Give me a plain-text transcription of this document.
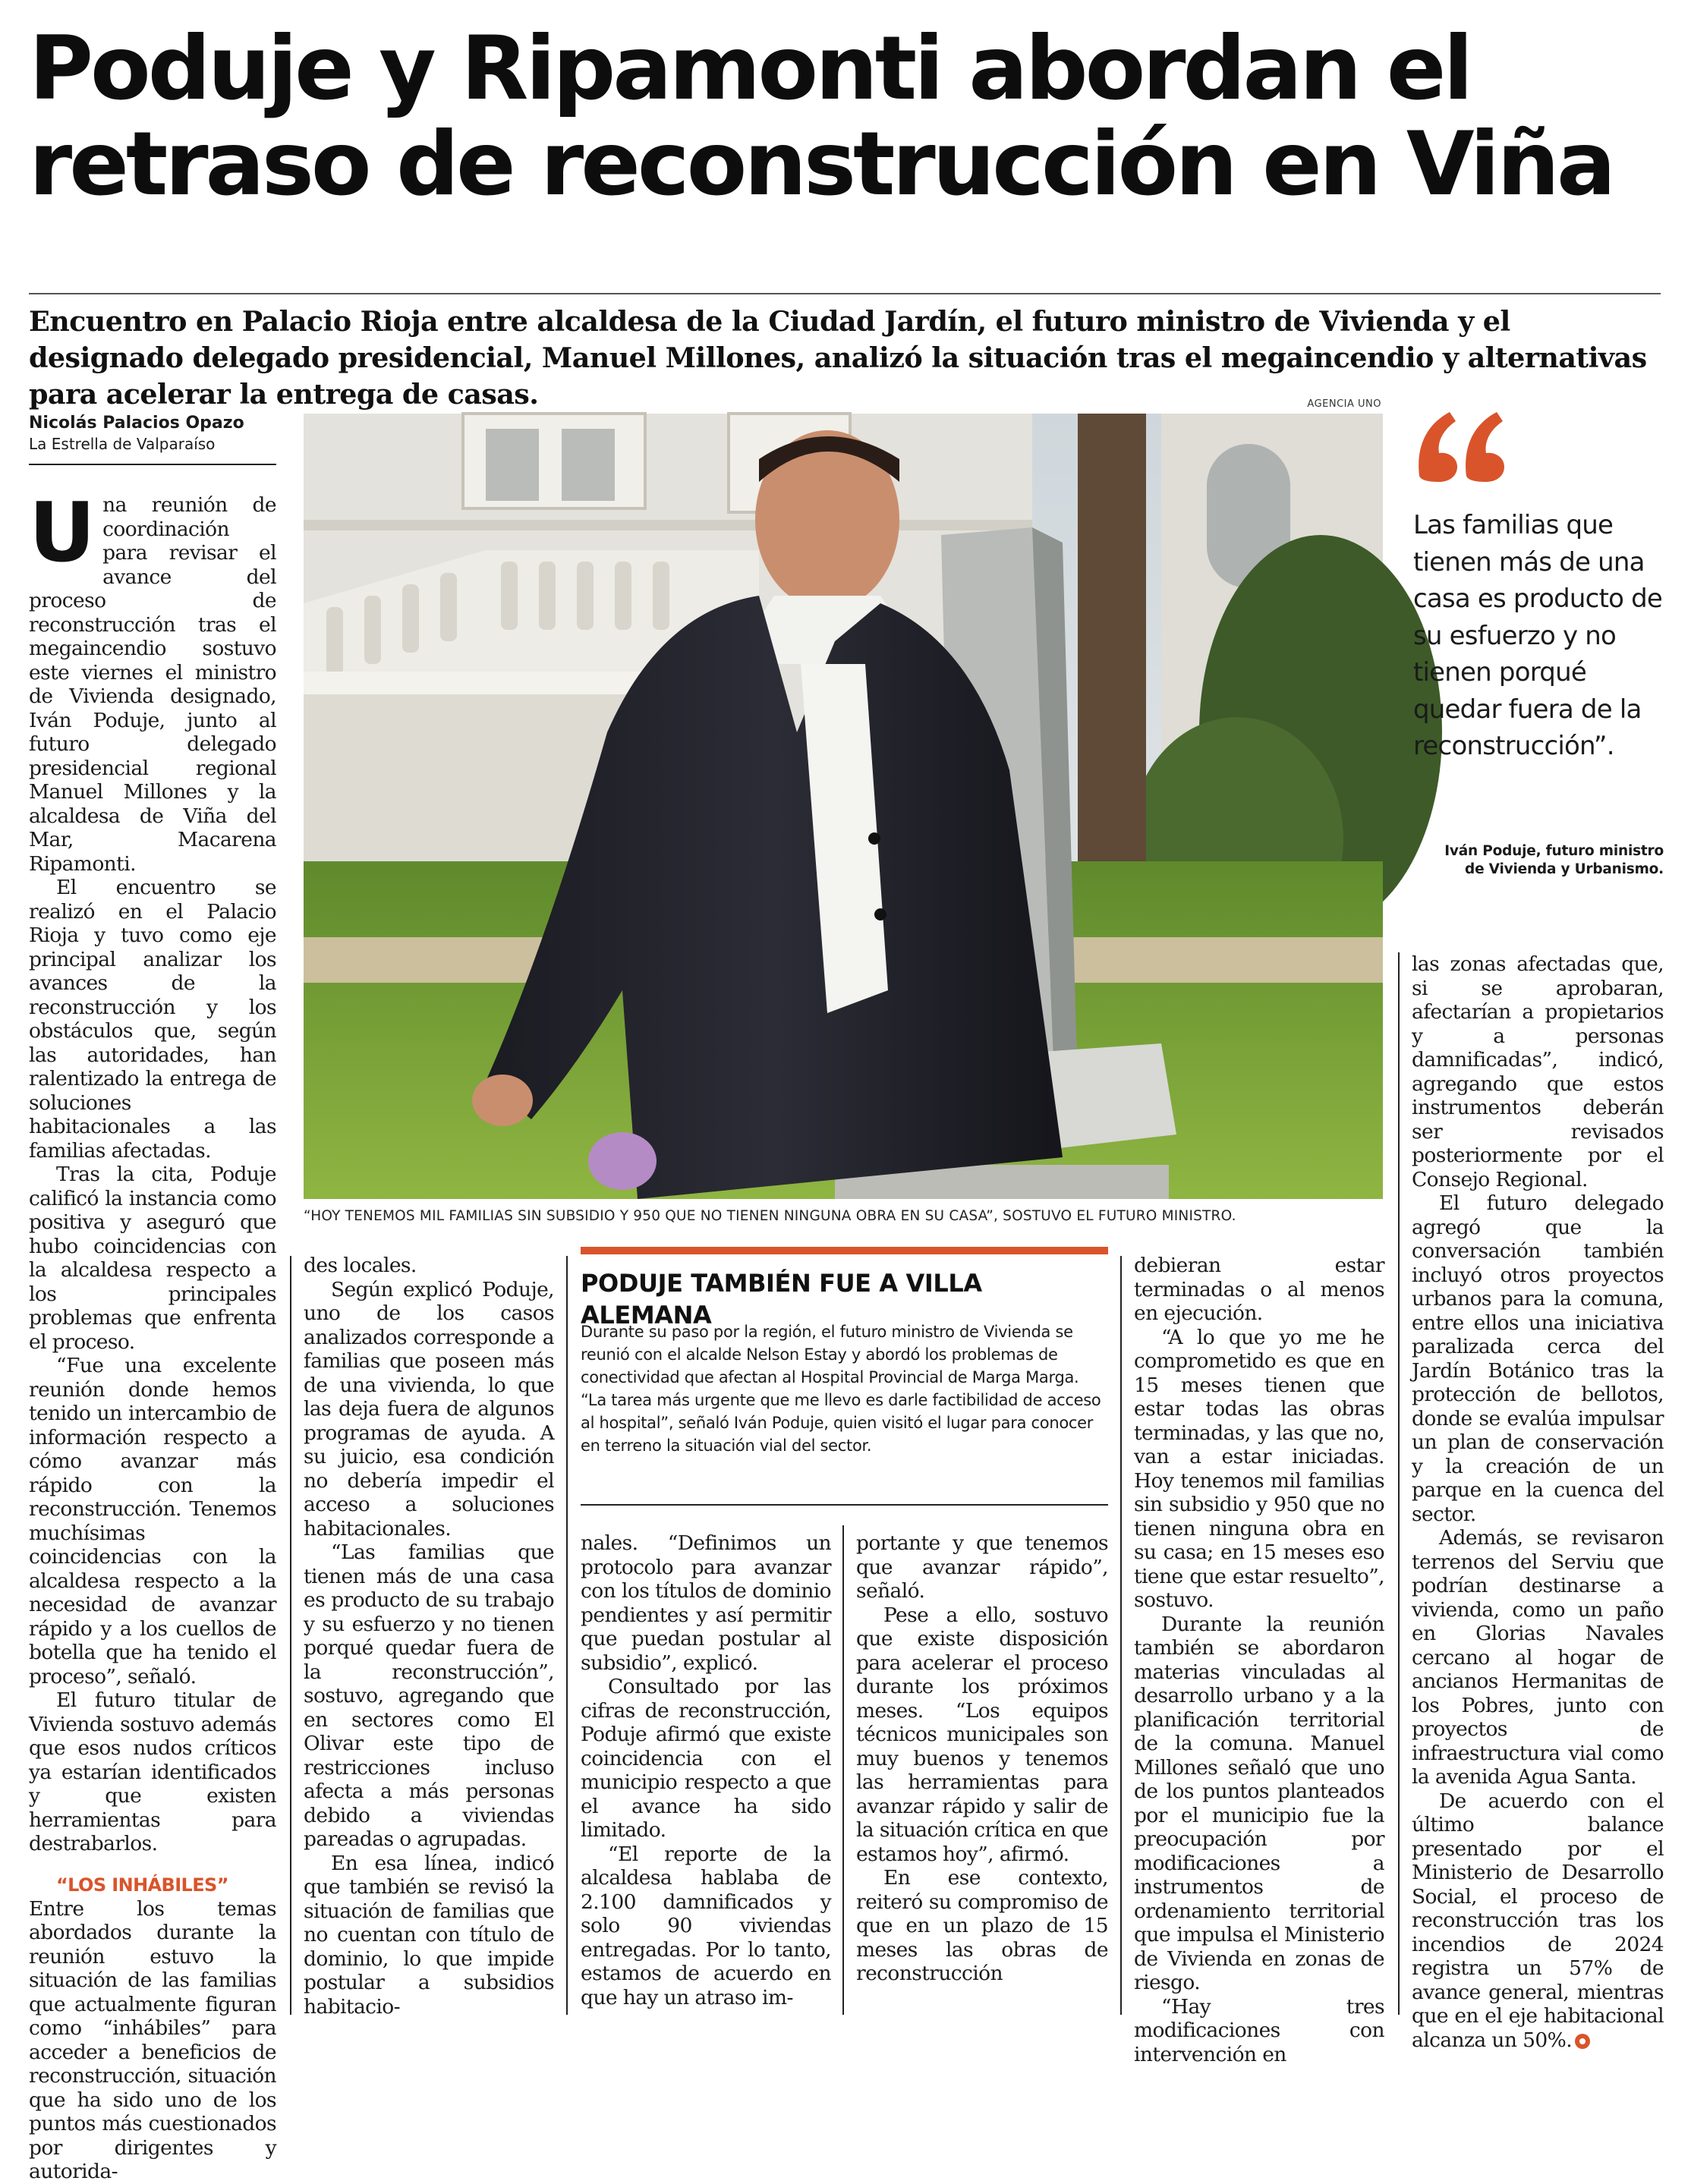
Poduje y Ripamonti abordan el
retraso de reconstrucción en Viña

Encuentro en Palacio Rioja entre alcaldesa de la Ciudad Jardín, el futuro ministro de Vivienda y el designado delegado presidencial, Manuel Millones, analizó la situación tras el megaincendio y alternativas para acelerar la entrega de casas.

Nicolás Palacios Opazo
La Estrella de Valparaíso

Una reunión de coordinación para revisar el avance del proceso de reconstrucción tras el megaincendio sostuvo este viernes el ministro de Vivienda designado, Iván Poduje, junto al futuro delegado presidencial regional Manuel Millones y la alcaldesa de Viña del Mar, Macarena Ripamonti.

El encuentro se realizó en el Palacio Rioja y tuvo como eje principal analizar los avances de la reconstrucción y los obstáculos que, según las autoridades, han ralentizado la entrega de soluciones habitacionales a las familias afectadas.

Tras la cita, Poduje calificó la instancia como positiva y aseguró que hubo coincidencias con la alcaldesa respecto a los principales problemas que enfrenta el proceso.

“Fue una excelente reunión donde hemos tenido un intercambio de información respecto a cómo avanzar más rápido con la reconstrucción. Tenemos muchísimas coincidencias con la alcaldesa respecto a la necesidad de avanzar rápido y a los cuellos de botella que ha tenido el proceso”, señaló.

El futuro titular de Vivienda sostuvo además que esos nudos críticos ya estarían identificados y que existen herramientas para destrabarlos.

“LOS INHÁBILES”

Entre los temas abordados durante la reunión estuvo la situación de las familias que actualmente figuran como “inhábiles” para acceder a beneficios de reconstrucción, situación que ha sido uno de los puntos más cuestionados por dirigentes y autorida-

AGENCIA UNO

“HOY TENEMOS MIL FAMILIAS SIN SUBSIDIO Y 950 QUE NO TIENEN NINGUNA OBRA EN SU CASA”, SOSTUVO EL FUTURO MINISTRO.

Las familias que tienen más de una casa es producto de su esfuerzo y no tienen porqué quedar fuera de la reconstrucción”.

Iván Poduje, futuro ministro
de Vivienda y Urbanismo.

des locales.

Según explicó Poduje, uno de los casos analizados corresponde a familias que poseen más de una vivienda, lo que las deja fuera de algunos programas de ayuda. A su juicio, esa condición no debería impedir el acceso a soluciones habitacionales.

“Las familias que tienen más de una casa es producto de su trabajo y su esfuerzo y no tienen porqué quedar fuera de la reconstrucción”, sostuvo, agregando que en sectores como El Olivar este tipo de restricciones incluso afecta a más personas debido a viviendas pareadas o agrupadas.

En esa línea, indicó que también se revisó la situación de familias que no cuentan con título de dominio, lo que impide postular a subsidios habitacio-

PODUJE TAMBIÉN FUE A VILLA ALEMANA

Durante su paso por la región, el futuro ministro de Vivienda se reunió con el alcalde Nelson Estay y abordó los problemas de conectividad que afectan al Hospital Provincial de Marga Marga. “La tarea más urgente que me llevo es darle factibilidad de acceso al hospital”, señaló Iván Poduje, quien visitó el lugar para conocer en terreno la situación vial del sector.

nales. “Definimos un protocolo para avanzar con los títulos de dominio pendientes y así permitir que puedan postular al subsidio”, explicó.

Consultado por las cifras de reconstrucción, Poduje afirmó que existe coincidencia con el municipio respecto a que el avance ha sido limitado.

“El reporte de la alcaldesa hablaba de 2.100 damnificados y solo 90 viviendas entregadas. Por lo tanto, estamos de acuerdo en que hay un atraso im-

portante y que tenemos que avanzar rápido”, señaló.

Pese a ello, sostuvo que existe disposición para acelerar el proceso durante los próximos meses. “Los equipos técnicos municipales son muy buenos y tenemos las herramientas para avanzar rápido y salir de la situación crítica en que estamos hoy”, afirmó.

En ese contexto, reiteró su compromiso de que en un plazo de 15 meses las obras de reconstrucción

debieran estar terminadas o al menos en ejecución.

“A lo que yo me he comprometido es que en 15 meses tienen que estar todas las obras terminadas, y las que no, van a estar iniciadas. Hoy tenemos mil familias sin subsidio y 950 que no tienen ninguna obra en su casa; en 15 meses eso tiene que estar resuelto”, sostuvo.

Durante la reunión también se abordaron materias vinculadas al desarrollo urbano y a la planificación territorial de la comuna. Manuel Millones señaló que uno de los puntos planteados por el municipio fue la preocupación por modificaciones a instrumentos de ordenamiento territorial que impulsa el Ministerio de Vivienda en zonas de riesgo.

“Hay tres modificaciones con intervención en

las zonas afectadas que, si se aprobaran, afectarían a propietarios y a personas damnificadas”, indicó, agregando que estos instrumentos deberán ser revisados posteriormente por el Consejo Regional.

El futuro delegado agregó que la conversación también incluyó otros proyectos urbanos para la comuna, entre ellos una iniciativa paralizada cerca del Jardín Botánico tras la protección de bellotos, donde se evalúa impulsar un plan de conservación y la creación de un parque en la cuenca del sector.

Además, se revisaron terrenos del Serviu que podrían destinarse a vivienda, como un paño en Glorias Navales cercano al hogar de ancianos Hermanitas de los Pobres, junto con proyectos de infraestructura vial como la avenida Agua Santa.

De acuerdo con el último balance presentado por el Ministerio de Desarrollo Social, el proceso de reconstrucción tras los incendios de 2024 registra un 57% de avance general, mientras que en el eje habitacional alcanza un 50%.
